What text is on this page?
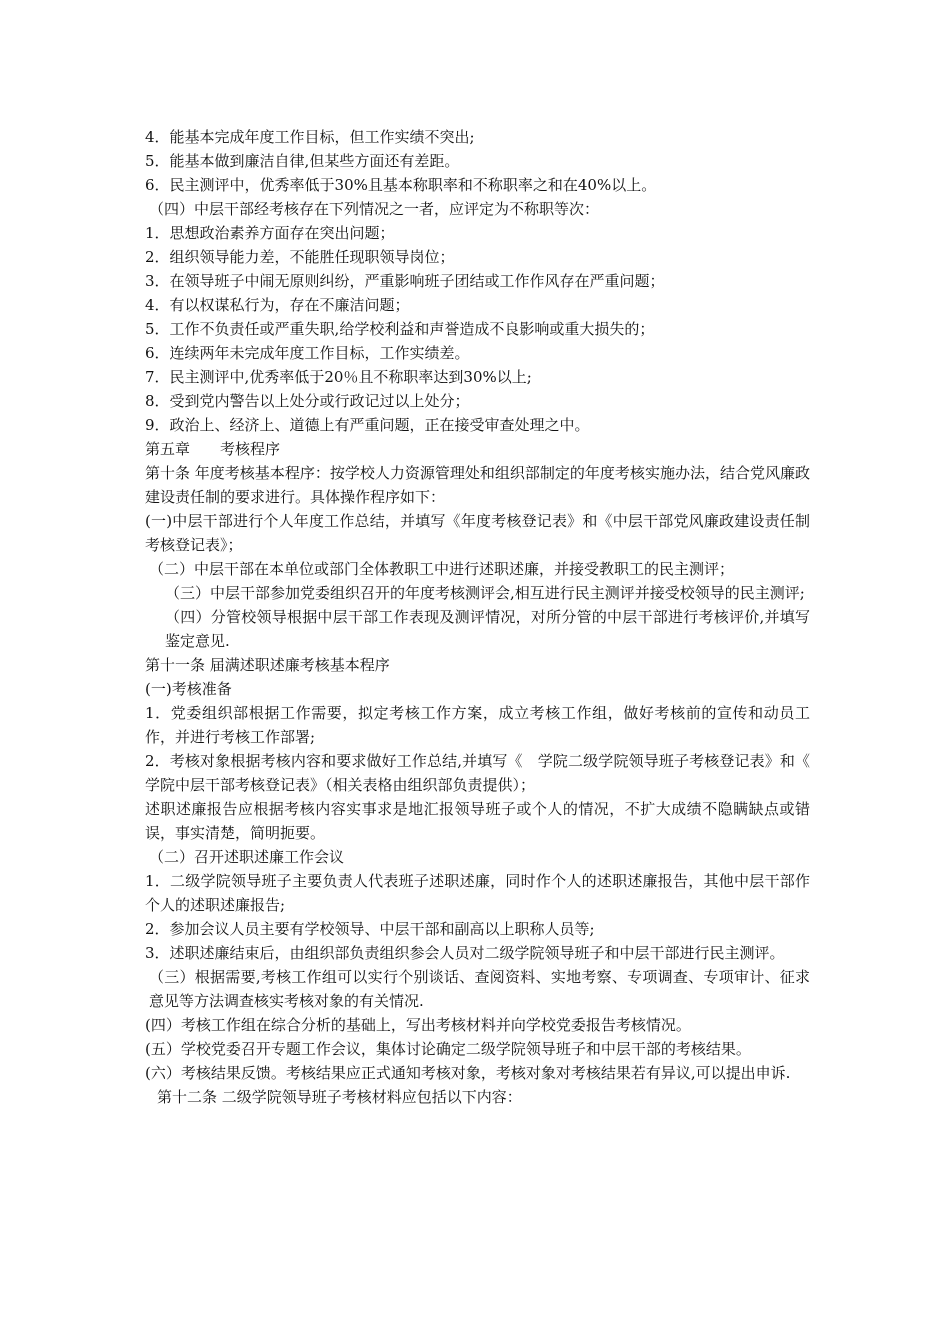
4．能基本完成年度工作目标，但工作实绩不突出;

5．能基本做到廉洁自律,但某些方面还有差距。

6．民主测评中，优秀率低于30%且基本称职率和不称职率之和在40%以上。

（四）中层干部经考核存在下列情况之一者，应评定为不称职等次：

1．思想政治素养方面存在突出问题；

2．组织领导能力差，不能胜任现职领导岗位；

3．在领导班子中闹无原则纠纷，严重影响班子团结或工作作风存在严重问题；

4．有以权谋私行为，存在不廉洁问题；

5．工作不负责任或严重失职,给学校利益和声誉造成不良影响或重大损失的；

6．连续两年未完成年度工作目标，工作实绩差。

7．民主测评中,优秀率低于20％且不称职率达到30%以上;

8．受到党内警告以上处分或行政记过以上处分；

9．政治上、经济上、道德上有严重问题，正在接受审查处理之中。

第五章　　考核程序

第十条 年度考核基本程序：按学校人力资源管理处和组织部制定的年度考核实施办法，结合党风廉政建设责任制的要求进行。具体操作程序如下：

(一)中层干部进行个人年度工作总结，并填写《年度考核登记表》和《中层干部党风廉政建设责任制考核登记表》；

（二）中层干部在本单位或部门全体教职工中进行述职述廉，并接受教职工的民主测评；

（三）中层干部参加党委组织召开的年度考核测评会,相互进行民主测评并接受校领导的民主测评;

（四）分管校领导根据中层干部工作表现及测评情况，对所分管的中层干部进行考核评价,并填写鉴定意见.

第十一条 届满述职述廉考核基本程序

(一)考核准备

1．党委组织部根据工作需要，拟定考核工作方案，成立考核工作组，做好考核前的宣传和动员工作，并进行考核工作部署;

2．考核对象根据考核内容和要求做好工作总结,并填写《　学院二级学院领导班子考核登记表》和《　学院中层干部考核登记表》（相关表格由组织部负责提供）；

述职述廉报告应根据考核内容实事求是地汇报领导班子或个人的情况，不扩大成绩不隐瞒缺点或错误，事实清楚，简明扼要。

（二）召开述职述廉工作会议

1．二级学院领导班子主要负责人代表班子述职述廉，同时作个人的述职述廉报告，其他中层干部作个人的述职述廉报告;

2．参加会议人员主要有学校领导、中层干部和副高以上职称人员等;

3．述职述廉结束后，由组织部负责组织参会人员对二级学院领导班子和中层干部进行民主测评。

（三）根据需要,考核工作组可以实行个别谈话、查阅资料、实地考察、专项调查、专项审计、征求意见等方法调查核实考核对象的有关情况.

(四）考核工作组在综合分析的基础上，写出考核材料并向学校党委报告考核情况。

(五）学校党委召开专题工作会议，集体讨论确定二级学院领导班子和中层干部的考核结果。

(六）考核结果反馈。考核结果应正式通知考核对象，考核对象对考核结果若有异议,可以提出申诉.

第十二条 二级学院领导班子考核材料应包括以下内容：
